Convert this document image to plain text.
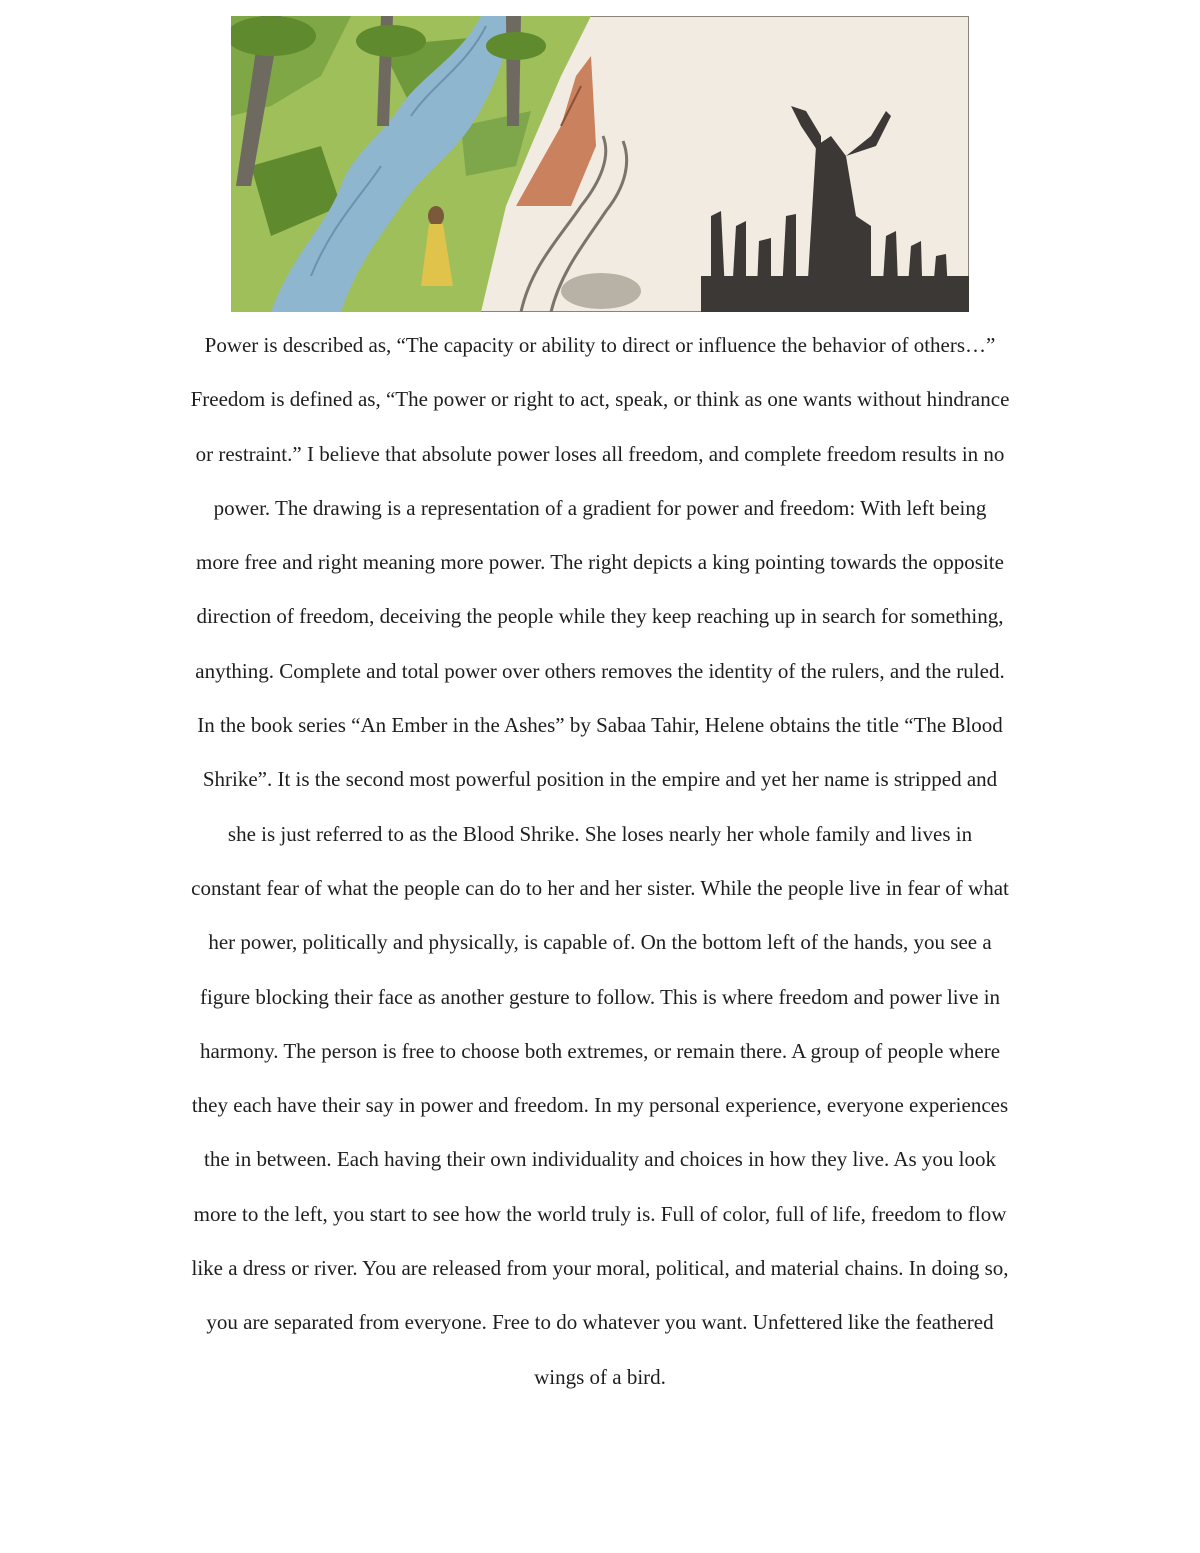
Power is described as, “The capacity or ability to direct or influence the behavior of others…”
Freedom is defined as, “The power or right to act, speak, or think as one wants without hindrance
or restraint.” I believe that absolute power loses all freedom, and complete freedom results in no
power. The drawing is a representation of a gradient for power and freedom: With left being
more free and right meaning more power. The right depicts a king pointing towards the opposite
direction of freedom, deceiving the people while they keep reaching up in search for something,
anything. Complete and total power over others removes the identity of the rulers, and the ruled.
In the book series “An Ember in the Ashes” by Sabaa Tahir, Helene obtains the title “The Blood
Shrike”. It is the second most powerful position in the empire and yet her name is stripped and
she is just referred to as the Blood Shrike. She loses nearly her whole family and lives in
constant fear of what the people can do to her and her sister. While the people live in fear of what
her power, politically and physically, is capable of. On the bottom left of the hands, you see a
figure blocking their face as another gesture to follow. This is where freedom and power live in
harmony. The person is free to choose both extremes, or remain there. A group of people where
they each have their say in power and freedom. In my personal experience, everyone experiences
the in between. Each having their own individuality and choices in how they live. As you look
more to the left, you start to see how the world truly is. Full of color, full of life, freedom to flow
like a dress or river. You are released from your moral, political, and material chains. In doing so,
you are separated from everyone. Free to do whatever you want. Unfettered like the feathered
wings of a bird.
